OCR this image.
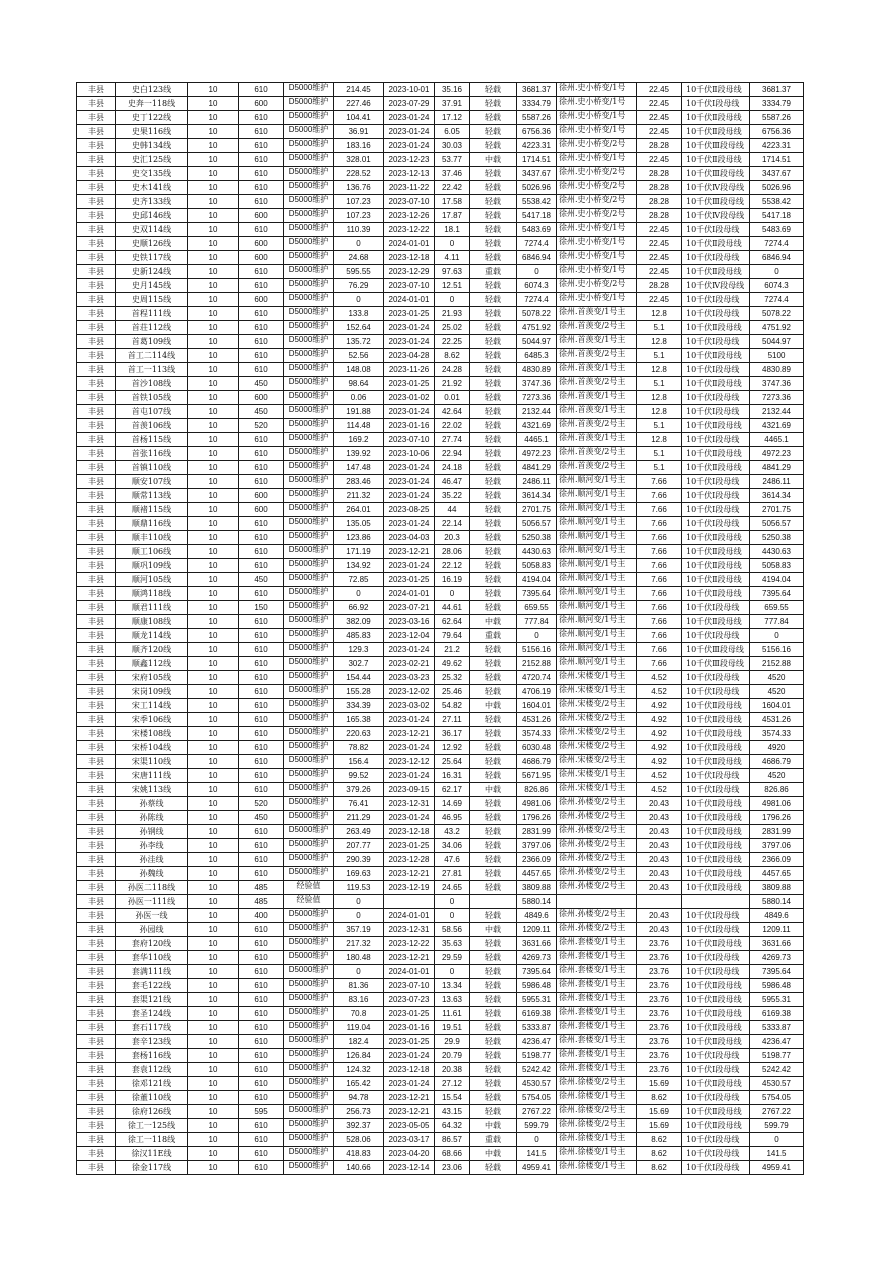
丰县	史白123线	10	610	D5000维护	214.45	2023-10-01	35.16	轻载	3681.37	徐州.史小桥变/1号	22.45	10千伏Ⅱ段母线	3681.37
丰县	史奔一118线	10	600	D5000维护	227.46	2023-07-29	37.91	轻载	3334.79	徐州.史小桥变/1号	22.45	10千伏Ⅰ段母线	3334.79
丰县	史丁122线	10	610	D5000维护	104.41	2023-01-24	17.12	轻载	5587.26	徐州.史小桥变/1号	22.45	10千伏Ⅱ段母线	5587.26
丰县	史果116线	10	610	D5000维护	36.91	2023-01-24	6.05	轻载	6756.36	徐州.史小桥变/1号	22.45	10千伏Ⅱ段母线	6756.36
丰县	史韩134线	10	610	D5000维护	183.16	2023-01-24	30.03	轻载	4223.31	徐州.史小桥变/2号	28.28	10千伏Ⅲ段母线	4223.31
丰县	史汇125线	10	610	D5000维护	328.01	2023-12-23	53.77	中载	1714.51	徐州.史小桥变/1号	22.45	10千伏Ⅱ段母线	1714.51
丰县	史交135线	10	610	D5000维护	228.52	2023-12-13	37.46	轻载	3437.67	徐州.史小桥变/2号	28.28	10千伏Ⅲ段母线	3437.67
丰县	史木141线	10	610	D5000维护	136.76	2023-11-22	22.42	轻载	5026.96	徐州.史小桥变/2号	28.28	10千伏Ⅳ段母线	5026.96
丰县	史齐133线	10	610	D5000维护	107.23	2023-07-10	17.58	轻载	5538.42	徐州.史小桥变/2号	28.28	10千伏Ⅲ段母线	5538.42
丰县	史邱146线	10	600	D5000维护	107.23	2023-12-26	17.87	轻载	5417.18	徐州.史小桥变/2号	28.28	10千伏Ⅳ段母线	5417.18
丰县	史双114线	10	610	D5000维护	110.39	2023-12-22	18.1	轻载	5483.69	徐州.史小桥变/1号	22.45	10千伏Ⅰ段母线	5483.69
丰县	史顺126线	10	600	D5000维护	0	2024-01-01	0	轻载	7274.4	徐州.史小桥变/1号	22.45	10千伏Ⅱ段母线	7274.4
丰县	史铁117线	10	600	D5000维护	24.68	2023-12-18	4.11	轻载	6846.94	徐州.史小桥变/1号	22.45	10千伏Ⅰ段母线	6846.94
丰县	史新124线	10	610	D5000维护	595.55	2023-12-29	97.63	重载	0	徐州.史小桥变/1号	22.45	10千伏Ⅱ段母线	0
丰县	史月145线	10	610	D5000维护	76.29	2023-07-10	12.51	轻载	6074.3	徐州.史小桥变/2号	28.28	10千伏Ⅳ段母线	6074.3
丰县	史周115线	10	600	D5000维护	0	2024-01-01	0	轻载	7274.4	徐州.史小桥变/1号	22.45	10千伏Ⅰ段母线	7274.4
丰县	首程111线	10	610	D5000维护	133.8	2023-01-25	21.93	轻载	5078.22	徐州.首羡变/1号主	12.8	10千伏Ⅰ段母线	5078.22
丰县	首荘112线	10	610	D5000维护	152.64	2023-01-24	25.02	轻载	4751.92	徐州.首羡变/2号主	5.1	10千伏Ⅱ段母线	4751.92
丰县	首葛109线	10	610	D5000维护	135.72	2023-01-24	22.25	轻载	5044.97	徐州.首羡变/1号主	12.8	10千伏Ⅰ段母线	5044.97
丰县	首工二114线	10	610	D5000维护	52.56	2023-04-28	8.62	轻载	6485.3	徐州.首羡变/2号主	5.1	10千伏Ⅱ段母线	5100
丰县	首工一113线	10	610	D5000维护	148.08	2023-11-26	24.28	轻载	4830.89	徐州.首羡变/1号主	12.8	10千伏Ⅰ段母线	4830.89
丰县	首沙108线	10	450	D5000维护	98.64	2023-01-25	21.92	轻载	3747.36	徐州.首羡变/2号主	5.1	10千伏Ⅱ段母线	3747.36
丰县	首铁105线	10	600	D5000维护	0.06	2023-01-02	0.01	轻载	7273.36	徐州.首羡变/1号主	12.8	10千伏Ⅰ段母线	7273.36
丰县	首屯107线	10	450	D5000维护	191.88	2023-01-24	42.64	轻载	2132.44	徐州.首羡变/1号主	12.8	10千伏Ⅰ段母线	2132.44
丰县	首羡106线	10	520	D5000维护	114.48	2023-01-16	22.02	轻载	4321.69	徐州.首羡变/2号主	5.1	10千伏Ⅱ段母线	4321.69
丰县	首杨115线	10	610	D5000维护	169.2	2023-07-10	27.74	轻载	4465.1	徐州.首羡变/1号主	12.8	10千伏Ⅰ段母线	4465.1
丰县	首张116线	10	610	D5000维护	139.92	2023-10-06	22.94	轻载	4972.23	徐州.首羡变/2号主	5.1	10千伏Ⅱ段母线	4972.23
丰县	首镇110线	10	610	D5000维护	147.48	2023-01-24	24.18	轻载	4841.29	徐州.首羡变/2号主	5.1	10千伏Ⅱ段母线	4841.29
丰县	顺安107线	10	610	D5000维护	283.46	2023-01-24	46.47	轻载	2486.11	徐州.顺河变/1号主	7.66	10千伏Ⅰ段母线	2486.11
丰县	顺常113线	10	600	D5000维护	211.32	2023-01-24	35.22	轻载	3614.34	徐州.顺河变/1号主	7.66	10千伏Ⅰ段母线	3614.34
丰县	顺褚115线	10	600	D5000维护	264.01	2023-08-25	44	轻载	2701.75	徐州.顺河变/1号主	7.66	10千伏Ⅰ段母线	2701.75
丰县	顺鼎116线	10	610	D5000维护	135.05	2023-01-24	22.14	轻载	5056.57	徐州.顺河变/1号主	7.66	10千伏Ⅰ段母线	5056.57
丰县	顺丰110线	10	610	D5000维护	123.86	2023-04-03	20.3	轻载	5250.38	徐州.顺河变/1号主	7.66	10千伏Ⅱ段母线	5250.38
丰县	顺工106线	10	610	D5000维护	171.19	2023-12-21	28.06	轻载	4430.63	徐州.顺河变/1号主	7.66	10千伏Ⅱ段母线	4430.63
丰县	顺巩109线	10	610	D5000维护	134.92	2023-01-24	22.12	轻载	5058.83	徐州.顺河变/1号主	7.66	10千伏Ⅱ段母线	5058.83
丰县	顺河105线	10	450	D5000维护	72.85	2023-01-25	16.19	轻载	4194.04	徐州.顺河变/1号主	7.66	10千伏Ⅱ段母线	4194.04
丰县	顺鸿118线	10	610	D5000维护	0	2024-01-01	0	轻载	7395.64	徐州.顺河变/1号主	7.66	10千伏Ⅱ段母线	7395.64
丰县	顺君111线	10	150	D5000维护	66.92	2023-07-21	44.61	轻载	659.55	徐州.顺河变/1号主	7.66	10千伏Ⅰ段母线	659.55
丰县	顺康108线	10	610	D5000维护	382.09	2023-03-16	62.64	中载	777.84	徐州.顺河变/1号主	7.66	10千伏Ⅱ段母线	777.84
丰县	顺龙114线	10	610	D5000维护	485.83	2023-12-04	79.64	重载	0	徐州.顺河变/1号主	7.66	10千伏Ⅰ段母线	0
丰县	顺齐120线	10	610	D5000维护	129.3	2023-01-24	21.2	轻载	5156.16	徐州.顺河变/1号主	7.66	10千伏Ⅲ段母线	5156.16
丰县	顺鑫112线	10	610	D5000维护	302.7	2023-02-21	49.62	轻载	2152.88	徐州.顺河变/1号主	7.66	10千伏Ⅲ段母线	2152.88
丰县	宋府105线	10	610	D5000维护	154.44	2023-03-23	25.32	轻载	4720.74	徐州.宋楼变/1号主	4.52	10千伏Ⅰ段母线	4520
丰县	宋岗109线	10	610	D5000维护	155.28	2023-12-02	25.46	轻载	4706.19	徐州.宋楼变/1号主	4.52	10千伏Ⅰ段母线	4520
丰县	宋工114线	10	610	D5000维护	334.39	2023-03-02	54.82	中载	1604.01	徐州.宋楼变/2号主	4.92	10千伏Ⅱ段母线	1604.01
丰县	宋季106线	10	610	D5000维护	165.38	2023-01-24	27.11	轻载	4531.26	徐州.宋楼变/2号主	4.92	10千伏Ⅱ段母线	4531.26
丰县	宋楼108线	10	610	D5000维护	220.63	2023-12-21	36.17	轻载	3574.33	徐州.宋楼变/2号主	4.92	10千伏Ⅱ段母线	3574.33
丰县	宋桥104线	10	610	D5000维护	78.82	2023-01-24	12.92	轻载	6030.48	徐州.宋楼变/2号主	4.92	10千伏Ⅱ段母线	4920
丰县	宋渠110线	10	610	D5000维护	156.4	2023-12-12	25.64	轻载	4686.79	徐州.宋楼变/2号主	4.92	10千伏Ⅱ段母线	4686.79
丰县	宋唐111线	10	610	D5000维护	99.52	2023-01-24	16.31	轻载	5671.95	徐州.宋楼变/1号主	4.52	10千伏Ⅰ段母线	4520
丰县	宋姚113线	10	610	D5000维护	379.26	2023-09-15	62.17	中载	826.86	徐州.宋楼变/1号主	4.52	10千伏Ⅰ段母线	826.86
丰县	孙蔡线	10	520	D5000维护	76.41	2023-12-31	14.69	轻载	4981.06	徐州.孙楼变/2号主	20.43	10千伏Ⅱ段母线	4981.06
丰县	孙陈线	10	450	D5000维护	211.29	2023-01-24	46.95	轻载	1796.26	徐州.孙楼变/2号主	20.43	10千伏Ⅱ段母线	1796.26
丰县	孙钢线	10	610	D5000维护	263.49	2023-12-18	43.2	轻载	2831.99	徐州.孙楼变/2号主	20.43	10千伏Ⅱ段母线	2831.99
丰县	孙李线	10	610	D5000维护	207.77	2023-01-25	34.06	轻载	3797.06	徐州.孙楼变/2号主	20.43	10千伏Ⅱ段母线	3797.06
丰县	孙洼线	10	610	D5000维护	290.39	2023-12-28	47.6	轻载	2366.09	徐州.孙楼变/2号主	20.43	10千伏Ⅱ段母线	2366.09
丰县	孙魏线	10	610	D5000维护	169.63	2023-12-21	27.81	轻载	4457.65	徐州.孙楼变/2号主	20.43	10千伏Ⅱ段母线	4457.65
丰县	孙医二118线	10	485	经验值	119.53	2023-12-19	24.65	轻载	3809.88	徐州.孙楼变/2号主	20.43	10千伏Ⅱ段母线	3809.88
丰县	孙医一111线	10	485	经验值	0		0		5880.14				5880.14
丰县	孙医一线	10	400	D5000维护	0	2024-01-01	0	轻载	4849.6	徐州.孙楼变/2号主	20.43	10千伏Ⅰ段母线	4849.6
丰县	孙园线	10	610	D5000维护	357.19	2023-12-31	58.56	中载	1209.11	徐州.孙楼变/2号主	20.43	10千伏Ⅰ段母线	1209.11
丰县	套府120线	10	610	D5000维护	217.32	2023-12-22	35.63	轻载	3631.66	徐州.套楼变/1号主	23.76	10千伏Ⅱ段母线	3631.66
丰县	套华110线	10	610	D5000维护	180.48	2023-12-21	29.59	轻载	4269.73	徐州.套楼变/1号主	23.76	10千伏Ⅰ段母线	4269.73
丰县	套满111线	10	610	D5000维护	0	2024-01-01	0	轻载	7395.64	徐州.套楼变/1号主	23.76	10千伏Ⅰ段母线	7395.64
丰县	套毛122线	10	610	D5000维护	81.36	2023-07-10	13.34	轻载	5986.48	徐州.套楼变/1号主	23.76	10千伏Ⅱ段母线	5986.48
丰县	套渠121线	10	610	D5000维护	83.16	2023-07-23	13.63	轻载	5955.31	徐州.套楼变/1号主	23.76	10千伏Ⅱ段母线	5955.31
丰县	套圣124线	10	610	D5000维护	70.8	2023-01-25	11.61	轻载	6169.38	徐州.套楼变/1号主	23.76	10千伏Ⅱ段母线	6169.38
丰县	套石117线	10	610	D5000维护	119.04	2023-01-16	19.51	轻载	5333.87	徐州.套楼变/1号主	23.76	10千伏Ⅱ段母线	5333.87
丰县	套辛123线	10	610	D5000维护	182.4	2023-01-25	29.9	轻载	4236.47	徐州.套楼变/1号主	23.76	10千伏Ⅱ段母线	4236.47
丰县	套杨116线	10	610	D5000维护	126.84	2023-01-24	20.79	轻载	5198.77	徐州.套楼变/1号主	23.76	10千伏Ⅰ段母线	5198.77
丰县	套袁112线	10	610	D5000维护	124.32	2023-12-18	20.38	轻载	5242.42	徐州.套楼变/1号主	23.76	10千伏Ⅰ段母线	5242.42
丰县	徐邓121线	10	610	D5000维护	165.42	2023-01-24	27.12	轻载	4530.57	徐州.徐楼变/2号主	15.69	10千伏Ⅱ段母线	4530.57
丰县	徐董110线	10	610	D5000维护	94.78	2023-12-21	15.54	轻载	5754.05	徐州.徐楼变/1号主	8.62	10千伏Ⅰ段母线	5754.05
丰县	徐府126线	10	595	D5000维护	256.73	2023-12-21	43.15	轻载	2767.22	徐州.徐楼变/2号主	15.69	10千伏Ⅱ段母线	2767.22
丰县	徐工一125线	10	610	D5000维护	392.37	2023-05-05	64.32	中载	599.79	徐州.徐楼变/2号主	15.69	10千伏Ⅱ段母线	599.79
丰县	徐工一118线	10	610	D5000维护	528.06	2023-03-17	86.57	重载	0	徐州.徐楼变/1号主	8.62	10千伏Ⅰ段母线	0
丰县	徐汉11E线	10	610	D5000维护	418.83	2023-04-20	68.66	中载	141.5	徐州.徐楼变/1号主	8.62	10千伏Ⅰ段母线	141.5
丰县	徐金117线	10	610	D5000维护	140.66	2023-12-14	23.06	轻载	4959.41	徐州.徐楼变/1号主	8.62	10千伏Ⅰ段母线	4959.41
